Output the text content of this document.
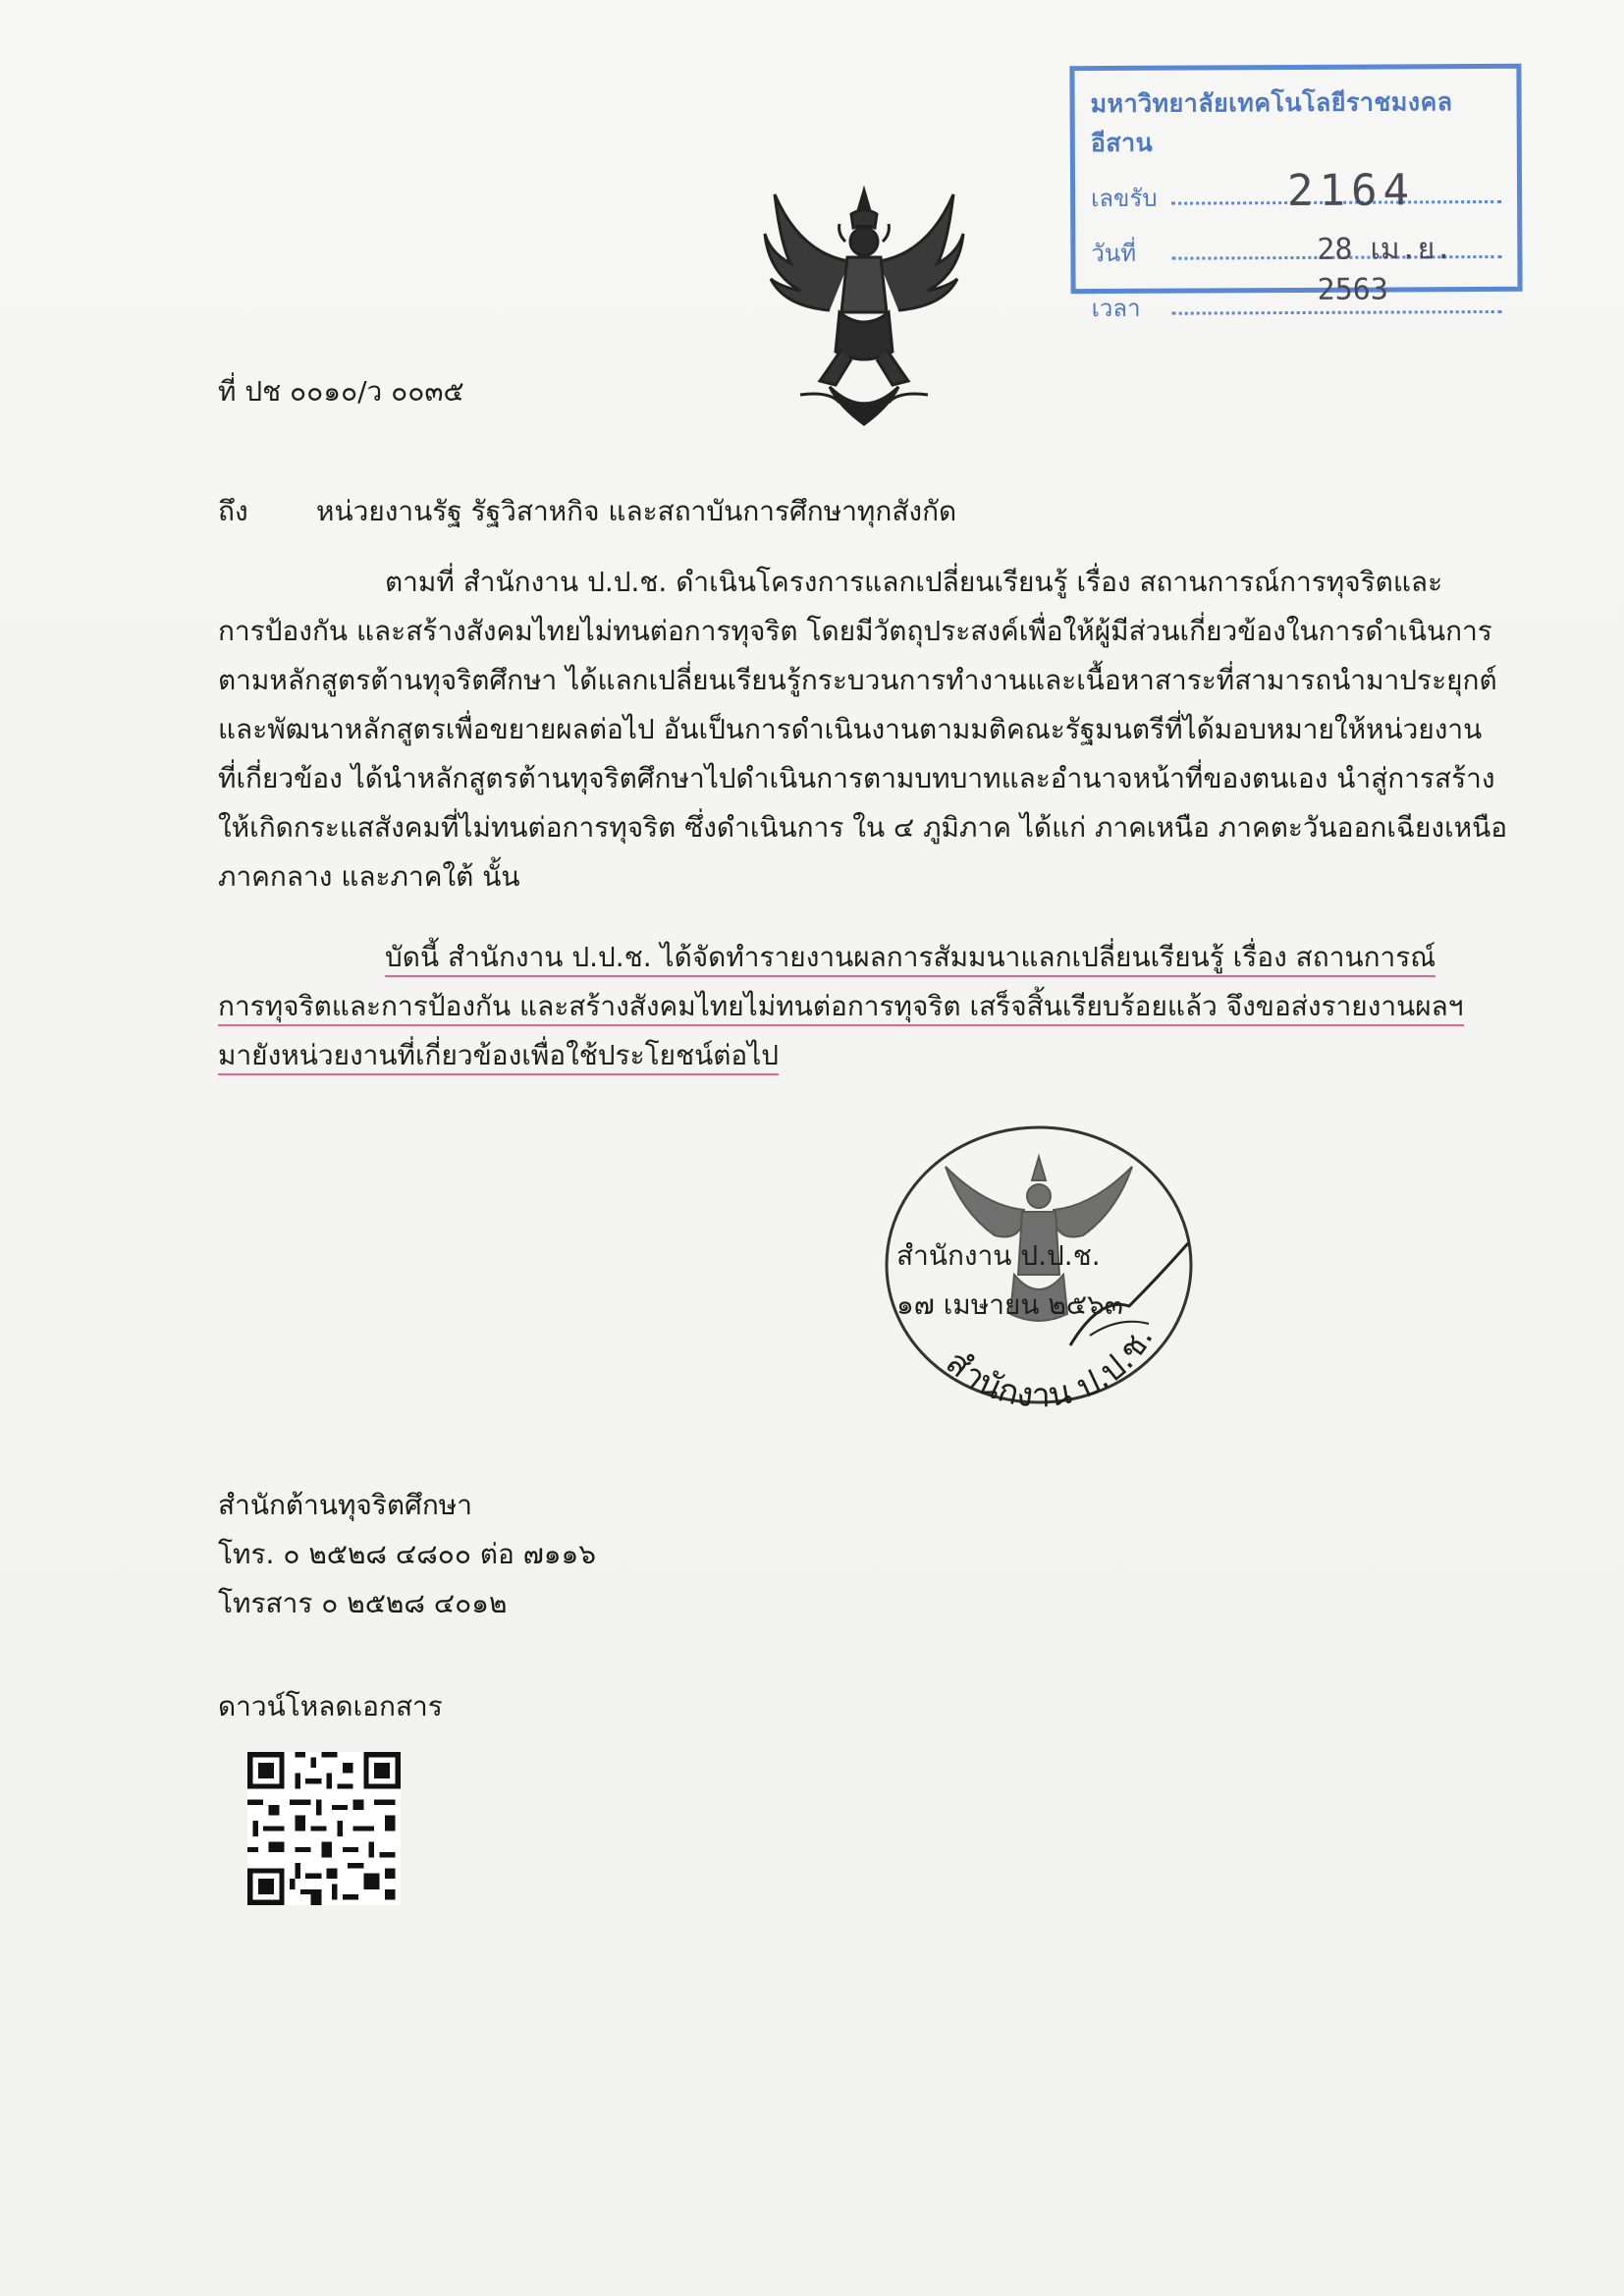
มหาวิทยาลัยเทคโนโลยีราชมงคลอีสาน
เลขรับ	2164
วันที่	28 เม.ย. 2563
เวลา
ที่ ปช ๐๐๑๐/ว ๐๐๓๕
ถึง หน่วยงานรัฐ รัฐวิสาหกิจ และสถาบันการศึกษาทุกสังกัด
ตามที่ สำนักงาน ป.ป.ช. ดำเนินโครงการแลกเปลี่ยนเรียนรู้ เรื่อง สถานการณ์การทุจริตและ
การป้องกัน และสร้างสังคมไทยไม่ทนต่อการทุจริต โดยมีวัตถุประสงค์เพื่อให้ผู้มีส่วนเกี่ยวข้องในการดำเนินการ
ตามหลักสูตรต้านทุจริตศึกษา ได้แลกเปลี่ยนเรียนรู้กระบวนการทำงานและเนื้อหาสาระที่สามารถนำมาประยุกต์
และพัฒนาหลักสูตรเพื่อขยายผลต่อไป อันเป็นการดำเนินงานตามมติคณะรัฐมนตรีที่ได้มอบหมายให้หน่วยงาน
ที่เกี่ยวข้อง ได้นำหลักสูตรต้านทุจริตศึกษาไปดำเนินการตามบทบาทและอำนาจหน้าที่ของตนเอง นำสู่การสร้าง
ให้เกิดกระแสสังคมที่ไม่ทนต่อการทุจริต ซึ่งดำเนินการ ใน ๔ ภูมิภาค ได้แก่ ภาคเหนือ ภาคตะวันออกเฉียงเหนือ
ภาคกลาง และภาคใต้ นั้น
บัดนี้ สำนักงาน ป.ป.ช. ได้จัดทำรายงานผลการสัมมนาแลกเปลี่ยนเรียนรู้ เรื่อง สถานการณ์
การทุจริตและการป้องกัน และสร้างสังคมไทยไม่ทนต่อการทุจริต เสร็จสิ้นเรียบร้อยแล้ว จึงขอส่งรายงานผลฯ
มายังหน่วยงานที่เกี่ยวข้องเพื่อใช้ประโยชน์ต่อไป
สำนักงาน ป.ป.ช.
๑๗ เมษายน ๒๕๖๓
สำนักงาน ป.ป.ช.
สำนักต้านทุจริตศึกษา
โทร. ๐ ๒๕๒๘ ๔๘๐๐ ต่อ ๗๑๑๖
โทรสาร ๐ ๒๕๒๘ ๔๐๑๒
ดาวน์โหลดเอกสาร
